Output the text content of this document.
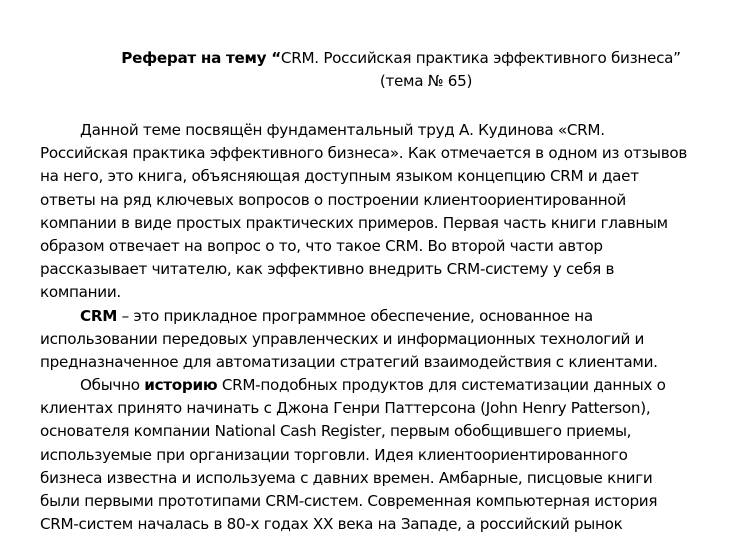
Реферат на тему “CRM. Российская практика эффективного бизнеса”
(тема № 65)
Данной теме посвящён фундаментальный труд А. Кудинова «CRM.
Российская практика эффективного бизнеса». Как отмечается в одном из отзывов
на него, это книга, объясняющая доступным языком концепцию CRM и дает
ответы на ряд ключевых вопросов о построении клиентоориентированной
компании в виде простых практических примеров. Первая часть книги главным
образом отвечает на вопрос о то, что такое CRM. Во второй части автор
рассказывает читателю, как эффективно внедрить CRM-систему у себя в
компании.
CRM – это прикладное программное обеспечение, основанное на
использовании передовых управленческих и информационных технологий и
предназначенное для автоматизации стратегий взаимодействия с клиентами.
Обычно историю CRM-подобных продуктов для систематизации данных о
клиентах принято начинать с Джона Генри Паттерсона (John Henry Patterson),
основателя компании National Cash Register, первым обобщившего приемы,
используемые при организации торговли. Идея клиентоориентированного
бизнеса известна и используема с давних времен. Амбарные, писцовые книги
были первыми прототипами CRM-систем. Современная компьютерная история
CRM-систем началась в 80-х годах XX века на Западе, а российский рынок
